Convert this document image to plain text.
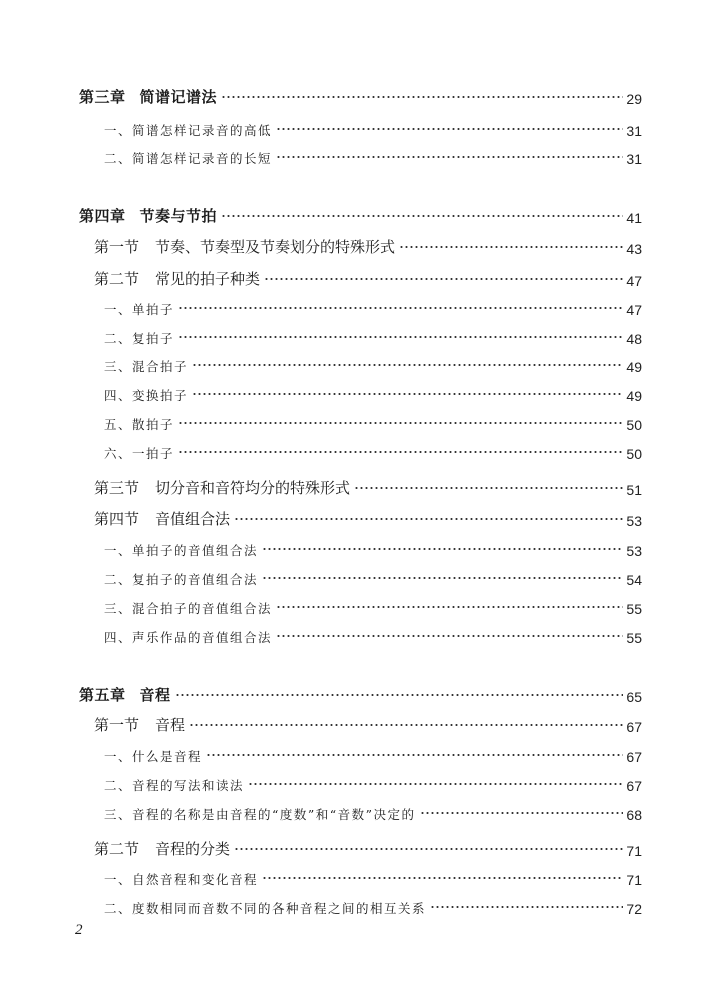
第三章 简谱记谱法	29
一、简谱怎样记录音的高低	31
二、简谱怎样记录音的长短	31
第四章 节奏与节拍	41
第一节 节奏、节奏型及节奏划分的特殊形式	43
第二节 常见的拍子种类	47
一、单拍子	47
二、复拍子	48
三、混合拍子	49
四、变换拍子	49
五、散拍子	50
六、一拍子	50
第三节 切分音和音符均分的特殊形式	51
第四节 音值组合法	53
一、单拍子的音值组合法	53
二、复拍子的音值组合法	54
三、混合拍子的音值组合法	55
四、声乐作品的音值组合法	55
第五章 音程	65
第一节 音程	67
一、什么是音程	67
二、音程的写法和读法	67
三、音程的名称是由音程的“度数”和“音数”决定的	68
第二节 音程的分类	71
一、自然音程和变化音程	71
二、度数相同而音数不同的各种音程之间的相互关系	72
2
